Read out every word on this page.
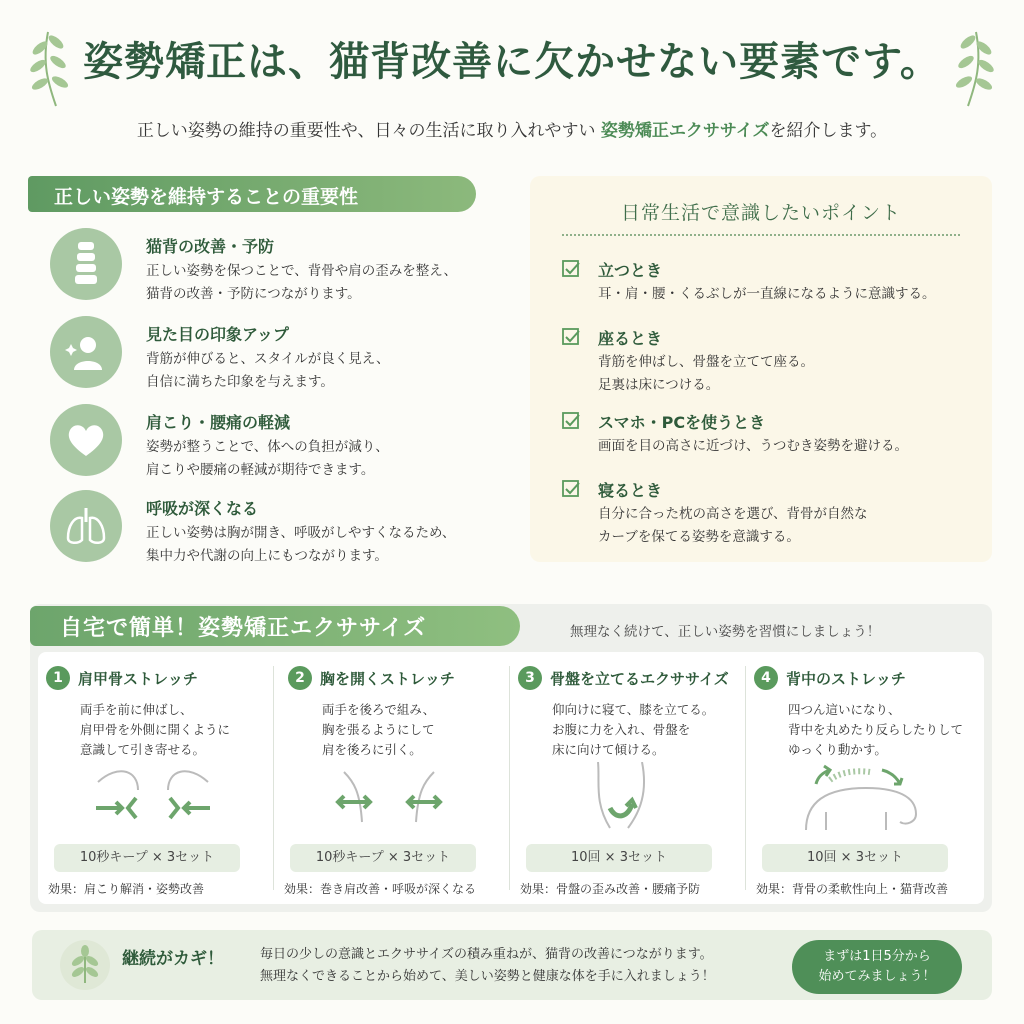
姿勢矯正は、猫背改善に欠かせない要素です。
正しい姿勢の維持の重要性や、日々の生活に取り入れやすい 姿勢矯正エクササイズを紹介します。
正しい姿勢を維持することの重要性
猫背の改善・予防
正しい姿勢を保つことで、背骨や肩の歪みを整え、
猫背の改善・予防につながります。
見た目の印象アップ
背筋が伸びると、スタイルが良く見え、
自信に満ちた印象を与えます。
肩こり・腰痛の軽減
姿勢が整うことで、体への負担が減り、
肩こりや腰痛の軽減が期待できます。
呼吸が深くなる
正しい姿勢は胸が開き、呼吸がしやすくなるため、
集中力や代謝の向上にもつながります。
日常生活で意識したいポイント
立つとき
耳・肩・腰・くるぶしが一直線になるように意識する。
座るとき
背筋を伸ばし、骨盤を立てて座る。
足裏は床につける。
スマホ・PCを使うとき
画面を目の高さに近づけ、うつむき姿勢を避ける。
寝るとき
自分に合った枕の高さを選び、背骨が自然な
カーブを保てる姿勢を意識する。
自宅で簡単！姿勢矯正エクササイズ	無理なく続けて、正しい姿勢を習慣にしましょう！
1	肩甲骨ストレッチ
両手を前に伸ばし、
肩甲骨を外側に開くように
意識して引き寄せる。
10秒キープ × 3セット
効果：肩こり解消・姿勢改善
2	胸を開くストレッチ
両手を後ろで組み、
胸を張るようにして
肩を後ろに引く。
10秒キープ × 3セット
効果：巻き肩改善・呼吸が深くなる
3	骨盤を立てるエクササイズ
仰向けに寝て、膝を立てる。
お腹に力を入れ、骨盤を
床に向けて傾ける。
10回 × 3セット
効果：骨盤の歪み改善・腰痛予防
4	背中のストレッチ
四つん這いになり、
背中を丸めたり反らしたりして
ゆっくり動かす。
10回 × 3セット
効果：背骨の柔軟性向上・猫背改善
継続がカギ！	毎日の少しの意識とエクササイズの積み重ねが、猫背の改善につながります。
無理なくできることから始めて、美しい姿勢と健康な体を手に入れましょう！
まずは1日5分から
始めてみましょう！
